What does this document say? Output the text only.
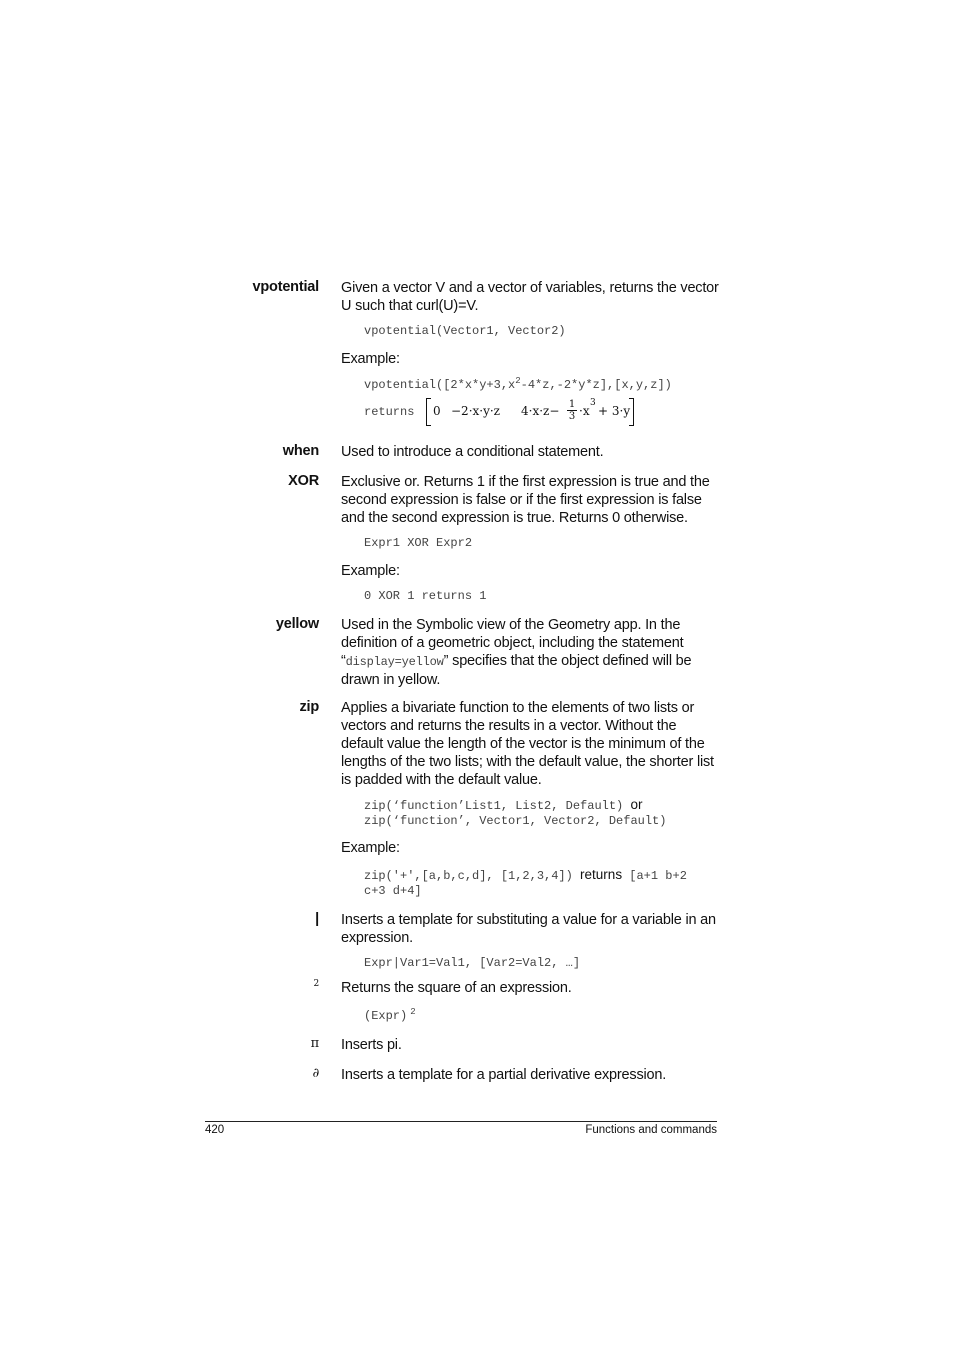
vpotential Given a vector V and a vector of variables, returns the vector U such that curl(U)=V.
vpotential(Vector1, Vector2)
Example:
$vpotential([2*x*y+3,x^2-4*z,-2*y*z],[x,y,z])$
returns 0 −2·x·y·z 4·x·z− 1
3 ·x
3
+ 3·y
when Used to introduce a conditional statement.
XOR Exclusive or. Returns 1 if the first expression is true and the second expression is false or if the first expression is false and the second expression is true. Returns 0 otherwise.
Expr1 XOR Expr2
Example:
0 XOR 1 returns 1
yellow Used in the Symbolic view of the Geometry app. In the definition of a geometric object, including the statement “display=yellow” specifies that the object defined will be drawn in yellow.
zip Applies a bivariate function to the elements of two lists or vectors and returns the results in a vector. Without the default value the length of the vector is the minimum of the lengths of the two lists; with the default value, the shorter list is padded with the default value.
zip(‘function’List1, List2, Default) or
zip(‘function’, Vector1, Vector2, Default)
Example:
zip('+',[a,b,c,d], [1,2,3,4]) returns [a+1 b+2
c+3 d+4]
| Inserts a template for substituting a value for a variable in an expression.
Expr|Var1=Val1, [Var2=Val2, …]
2 Returns the square of an expression.
(Expr) $^2$
π Inserts pi.
∂ Inserts a template for a partial derivative expression.
420	Functions and commands
